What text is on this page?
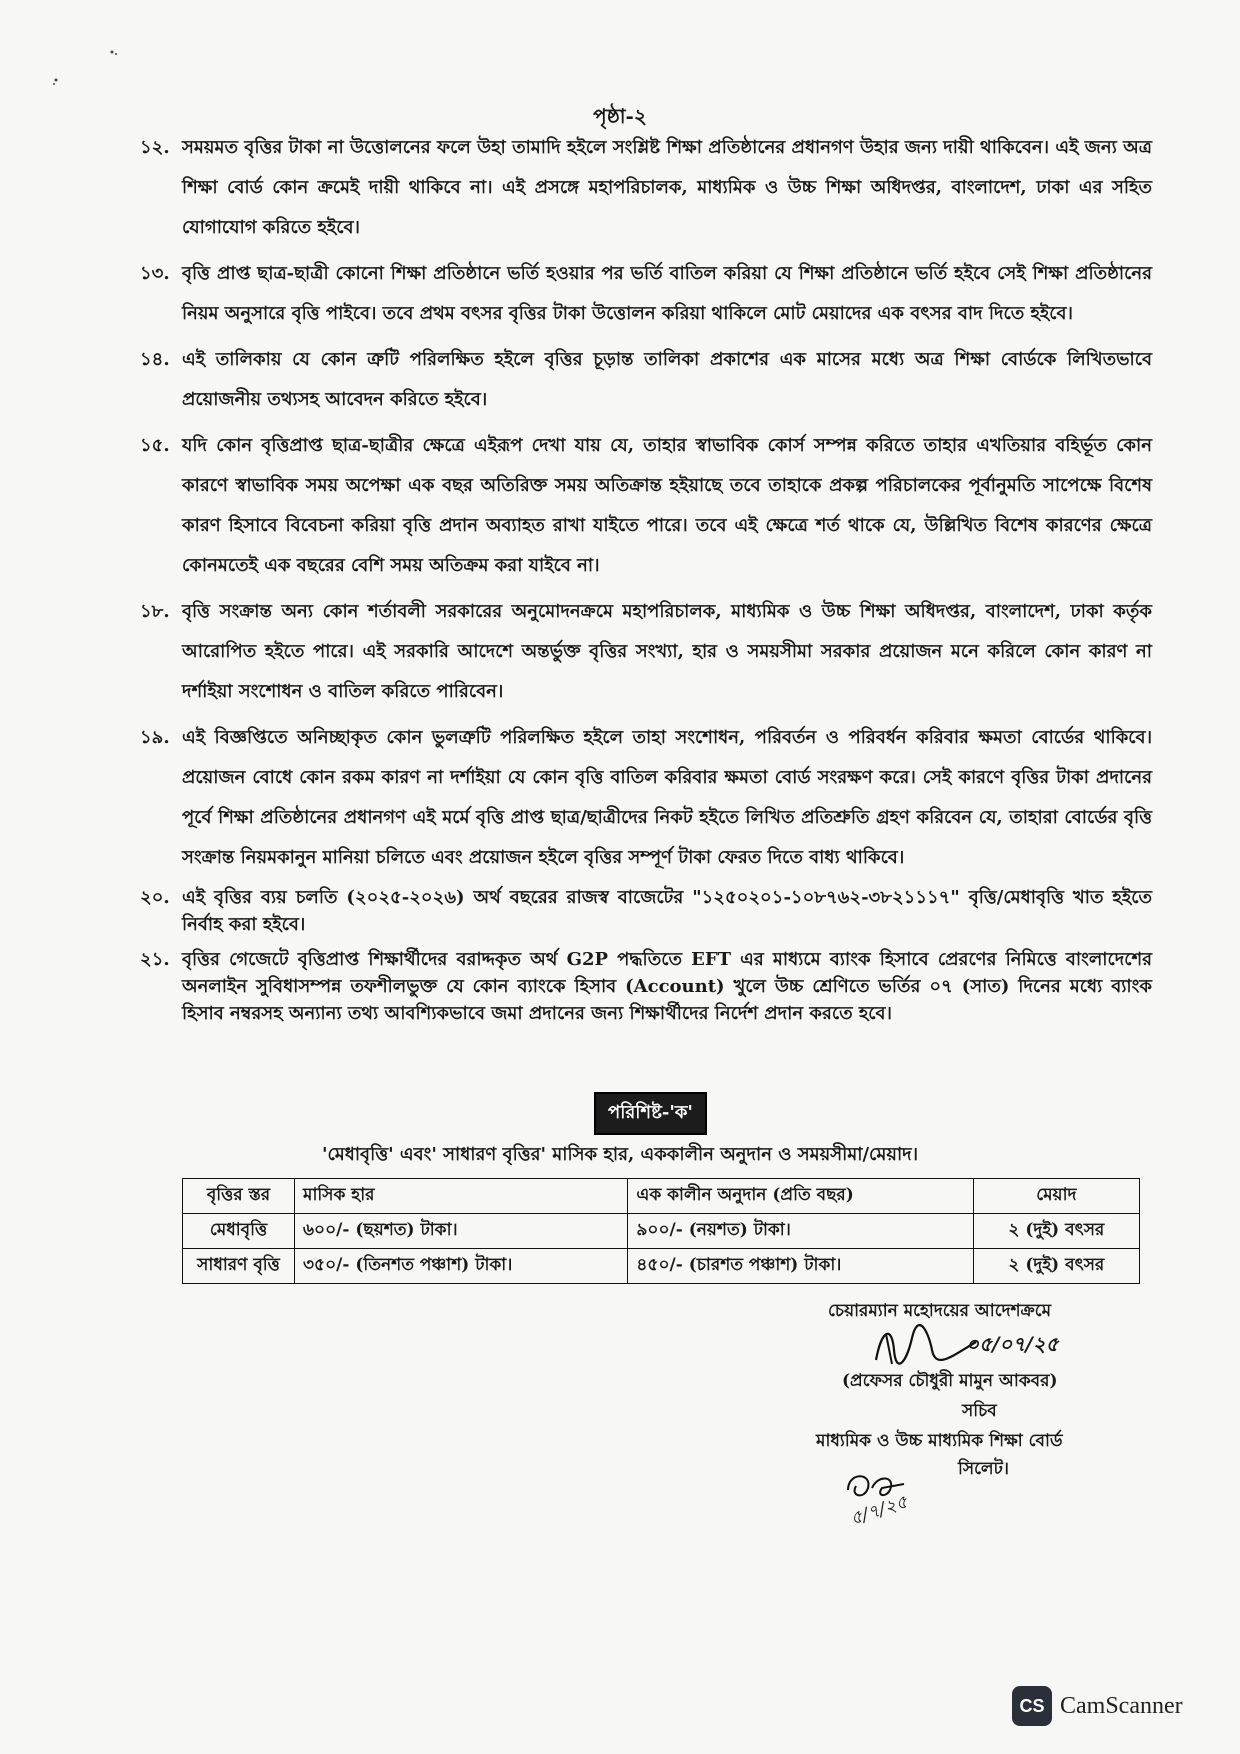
পৃষ্ঠা-২
১২. সময়মত বৃত্তির টাকা না উত্তোলনের ফলে উহা তামাদি হইলে সংশ্লিষ্ট শিক্ষা প্রতিষ্ঠানের প্রধানগণ উহার জন্য দায়ী থাকিবেন। এই জন্য অত্র শিক্ষা বোর্ড কোন ক্রমেই দায়ী থাকিবে না। এই প্রসঙ্গে মহাপরিচালক, মাধ্যমিক ও উচ্চ শিক্ষা অধিদপ্তর, বাংলাদেশ, ঢাকা এর সহিত যোগাযোগ করিতে হইবে।
১৩. বৃত্তি প্রাপ্ত ছাত্র-ছাত্রী কোনো শিক্ষা প্রতিষ্ঠানে ভর্তি হওয়ার পর ভর্তি বাতিল করিয়া যে শিক্ষা প্রতিষ্ঠানে ভর্তি হইবে সেই শিক্ষা প্রতিষ্ঠানের নিয়ম অনুসারে বৃত্তি পাইবে। তবে প্রথম বৎসর বৃত্তির টাকা উত্তোলন করিয়া থাকিলে মোট মেয়াদের এক বৎসর বাদ দিতে হইবে।
১৪. এই তালিকায় যে কোন ত্রুটি পরিলক্ষিত হইলে বৃত্তির চূড়ান্ত তালিকা প্রকাশের এক মাসের মধ্যে অত্র শিক্ষা বোর্ডকে লিখিতভাবে প্রয়োজনীয় তথ্যসহ আবেদন করিতে হইবে।
১৫. যদি কোন বৃত্তিপ্রাপ্ত ছাত্র-ছাত্রীর ক্ষেত্রে এইরূপ দেখা যায় যে, তাহার স্বাভাবিক কোর্স সম্পন্ন করিতে তাহার এখতিয়ার বহির্ভূত কোন কারণে স্বাভাবিক সময় অপেক্ষা এক বছর অতিরিক্ত সময় অতিক্রান্ত হইয়াছে তবে তাহাকে প্রকল্প পরিচালকের পূর্বানুমতি সাপেক্ষে বিশেষ কারণ হিসাবে বিবেচনা করিয়া বৃত্তি প্রদান অব্যাহত রাখা যাইতে পারে। তবে এই ক্ষেত্রে শর্ত থাকে যে, উল্লিখিত বিশেষ কারণের ক্ষেত্রে কোনমতেই এক বছরের বেশি সময় অতিক্রম করা যাইবে না।
১৮. বৃত্তি সংক্রান্ত অন্য কোন শর্তাবলী সরকারের অনুমোদনক্রমে মহাপরিচালক, মাধ্যমিক ও উচ্চ শিক্ষা অধিদপ্তর, বাংলাদেশ, ঢাকা কর্তৃক আরোপিত হইতে পারে। এই সরকারি আদেশে অন্তর্ভুক্ত বৃত্তির সংখ্যা, হার ও সময়সীমা সরকার প্রয়োজন মনে করিলে কোন কারণ না দর্শাইয়া সংশোধন ও বাতিল করিতে পারিবেন।
১৯. এই বিজ্ঞপ্তিতে অনিচ্ছাকৃত কোন ভুলত্রুটি পরিলক্ষিত হইলে তাহা সংশোধন, পরিবর্তন ও পরিবর্ধন করিবার ক্ষমতা বোর্ডের থাকিবে। প্রয়োজন বোধে কোন রকম কারণ না দর্শাইয়া যে কোন বৃত্তি বাতিল করিবার ক্ষমতা বোর্ড সংরক্ষণ করে। সেই কারণে বৃত্তির টাকা প্রদানের পূর্বে শিক্ষা প্রতিষ্ঠানের প্রধানগণ এই মর্মে বৃত্তি প্রাপ্ত ছাত্র/ছাত্রীদের নিকট হইতে লিখিত প্রতিশ্রুতি গ্রহণ করিবেন যে, তাহারা বোর্ডের বৃত্তি সংক্রান্ত নিয়মকানুন মানিয়া চলিতে এবং প্রয়োজন হইলে বৃত্তির সম্পূর্ণ টাকা ফেরত দিতে বাধ্য থাকিবে।
২০. এই বৃত্তির ব্যয় চলতি (২০২৫-২০২৬) অর্থ বছরের রাজস্ব বাজেটের "১২৫০২০১-১০৮৭৬২-৩৮২১১১৭" বৃত্তি/মেধাবৃত্তি খাত হইতে নির্বাহ করা হইবে।
২১. বৃত্তির গেজেটে বৃত্তিপ্রাপ্ত শিক্ষার্থীদের বরাদ্দকৃত অর্থ G2P পদ্ধতিতে EFT এর মাধ্যমে ব্যাংক হিসাবে প্রেরণের নিমিত্তে বাংলাদেশের অনলাইন সুবিধাসম্পন্ন তফশীলভুক্ত যে কোন ব্যাংকে হিসাব (Account) খুলে উচ্চ শ্রেণিতে ভর্তির ০৭ (সাত) দিনের মধ্যে ব্যাংক হিসাব নম্বরসহ অন্যান্য তথ্য আবশ্যিকভাবে জমা প্রদানের জন্য শিক্ষার্থীদের নির্দেশ প্রদান করতে হবে।
পরিশিষ্ট-'ক'
'মেধাবৃত্তি' এবং' সাধারণ বৃত্তির' মাসিক হার, এককালীন অনুদান ও সময়সীমা/মেয়াদ।
বৃত্তির স্তর	মাসিক হার	এক কালীন অনুদান (প্রতি বছর)	মেয়াদ
মেধাবৃত্তি	৬০০/- (ছয়শত) টাকা।	৯০০/- (নয়শত) টাকা।	২ (দুই) বৎসর
সাধারণ বৃত্তি	৩৫০/- (তিনশত পঞ্চাশ) টাকা।	৪৫০/- (চারশত পঞ্চাশ) টাকা।	২ (দুই) বৎসর
চেয়ারম্যান মহোদয়ের আদেশক্রমে
০৫/০৭/২৫
(প্রফেসর চৌধুরী মামুন আকবর)
সচিব
মাধ্যমিক ও উচ্চ মাধ্যমিক শিক্ষা বোর্ড
সিলেট।
৫/৭/২৫
CS CamScanner
